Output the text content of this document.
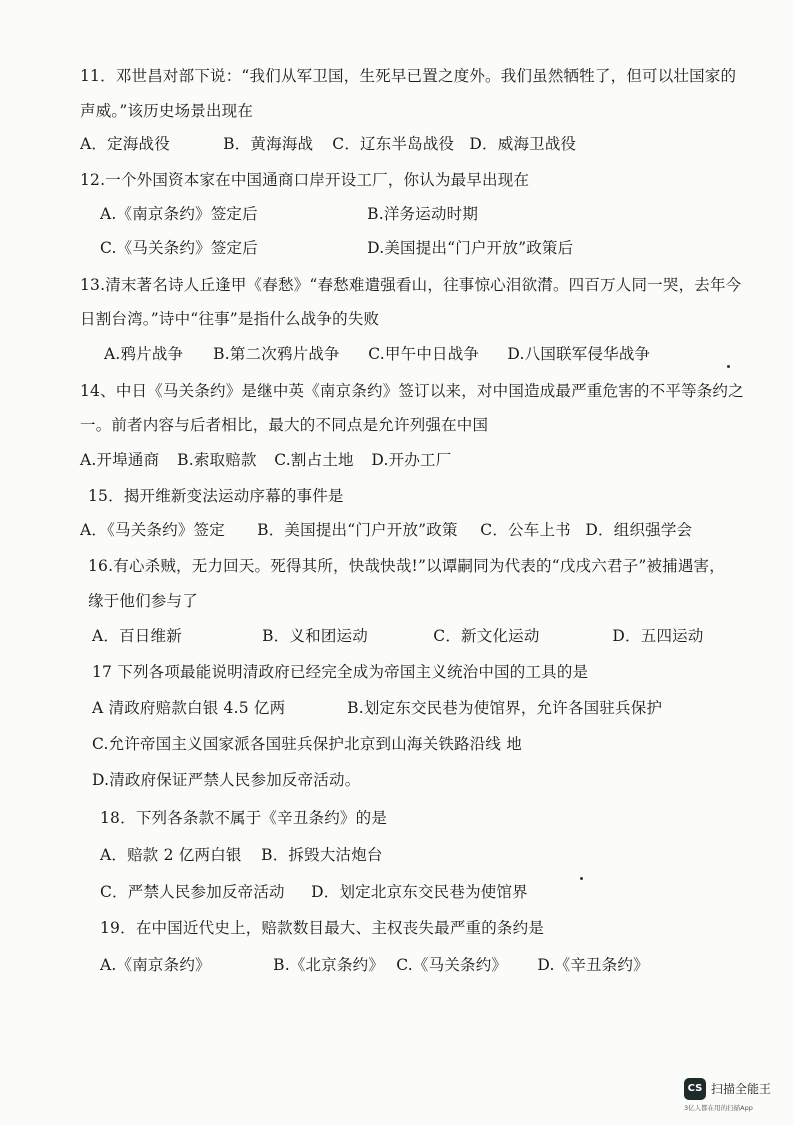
11．邓世昌对部下说：“我们从军卫国，生死早已置之度外。我们虽然牺牲了，但可以壮国家的

声威。”该历史场景出现在

A．定海战役	B．黄海海战 C．辽东半岛战役 D．威海卫战役

12.一个外国资本家在中国通商口岸开设工厂，你认为最早出现在

A.《南京条约》签定后	B.洋务运动时期
C.《马关条约》签定后	D.美国提出“门户开放”政策后

13.清末著名诗人丘逢甲《春愁》“春愁难遣强看山，往事惊心泪欲潸。四百万人同一哭，去年今

日割台湾。”诗中“往事”是指什么战争的失败

A.鸦片战争 B.第二次鸦片战争 C.甲午中日战争 D.八国联军侵华战争

14、中日《马关条约》是继中英《南京条约》签订以来，对中国造成最严重危害的不平等条约之

一。前者内容与后者相比，最大的不同点是允许列强在中国

A.开埠通商 B.索取赔款 C.割占土地 D.开办工厂

15．揭开维新变法运动序幕的事件是

A．《马关条约》签定 B．美国提出“门户开放”政策 C．公车上书 D．组织强学会

16.有心杀贼，无力回天。死得其所，快哉快哉!”以谭嗣同为代表的“戊戌六君子”被捕遇害，

缘于他们参与了

A．百日维新	B．义和团运动	C．新文化运动	D．五四运动

17 下列各项最能说明清政府已经完全成为帝国主义统治中国的工具的是

A 清政府赔款白银 4.5 亿两	B.划定东交民巷为使馆界，允许各国驻兵保护

C.允许帝国主义国家派各国驻兵保护北京到山海关铁路沿线 地

D.清政府保证严禁人民参加反帝活动。

18．下列各条款不属于《辛丑条约》的是

A．赔款 2 亿两白银 B．拆毁大沽炮台
C．严禁人民参加反帝活动 D．划定北京东交民巷为使馆界

19．在中国近代史上，赔款数目最大、主权丧失最严重的条约是

A.《南京条约》	B.《北京条约》 C.《马关条约》 D.《辛丑条约》
CS 扫描全能王
3亿人都在用的扫描App
